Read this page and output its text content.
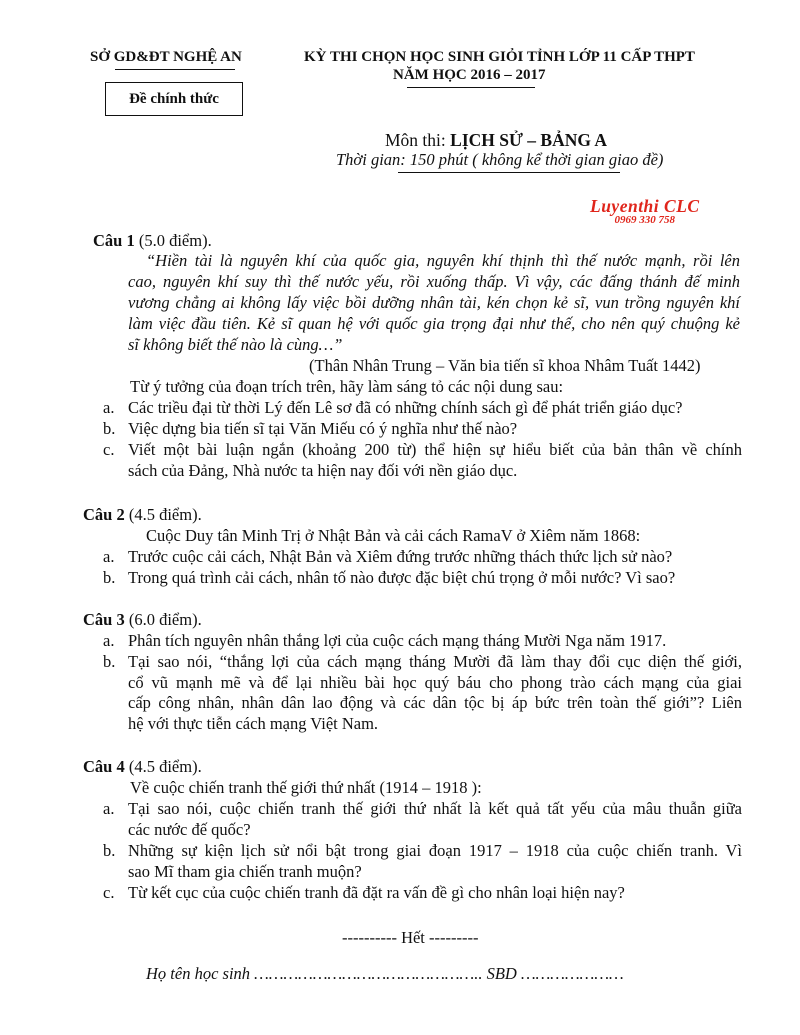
SỞ GD&ĐT NGHỆ AN	KỲ THI CHỌN HỌC SINH GIỎI TỈNH LỚP 11 CẤP THPT
NĂM HỌC 2016 – 2017
Đề chính thức
Môn thi: LỊCH SỬ – BẢNG A
Thời gian: 150 phút ( không kể thời gian giao đề)
Luyenthi CLC
0969 330 758
Câu 1 (5.0 điểm).
“Hiền tài là nguyên khí của quốc gia, nguyên khí thịnh thì thế nước mạnh, rồi lên
cao, nguyên khí suy thì thế nước yếu, rồi xuống thấp. Vì vậy, các đấng thánh đế minh
vương chẳng ai không lấy việc bồi dưỡng nhân tài, kén chọn kẻ sĩ, vun trồng nguyên khí
làm việc đầu tiên. Kẻ sĩ quan hệ với quốc gia trọng đại như thế, cho nên quý chuộng kẻ
sĩ không biết thế nào là cùng…”
(Thân Nhân Trung – Văn bia tiến sĩ khoa Nhâm Tuất 1442)
Từ ý tưởng của đoạn trích trên, hãy làm sáng tỏ các nội dung sau:
a. Các triều đại từ thời Lý đến Lê sơ đã có những chính sách gì để phát triển giáo dục?
b. Việc dựng bia tiến sĩ tại Văn Miếu có ý nghĩa như thế nào?
c. Viết một bài luận ngắn (khoảng 200 từ) thể hiện sự hiểu biết của bản thân về chính
sách của Đảng, Nhà nước ta hiện nay đối với nền giáo dục.
Câu 2 (4.5 điểm).
Cuộc Duy tân Minh Trị ở Nhật Bản và cải cách RamaV ở Xiêm năm 1868:
a. Trước cuộc cải cách, Nhật Bản và Xiêm đứng trước những thách thức lịch sử nào?
b. Trong quá trình cải cách, nhân tố nào được đặc biệt chú trọng ở mỗi nước? Vì sao?
Câu 3 (6.0 điểm).
a. Phân tích nguyên nhân thắng lợi của cuộc cách mạng tháng Mười Nga năm 1917.
b. Tại sao nói, “thắng lợi của cách mạng tháng Mười đã làm thay đổi cục diện thế giới,
cổ vũ mạnh mẽ và để lại nhiều bài học quý báu cho phong trào cách mạng của giai
cấp công nhân, nhân dân lao động và các dân tộc bị áp bức trên toàn thế giới”? Liên
hệ với thực tiễn cách mạng Việt Nam.
Câu 4 (4.5 điểm).
Về cuộc chiến tranh thế giới thứ nhất (1914 – 1918 ):
a. Tại sao nói, cuộc chiến tranh thế giới thứ nhất là kết quả tất yếu của mâu thuẫn giữa
các nước đế quốc?
b. Những sự kiện lịch sử nổi bật trong giai đoạn 1917 – 1918 của cuộc chiến tranh. Vì
sao Mĩ tham gia chiến tranh muộn?
c. Từ kết cục của cuộc chiến tranh đã đặt ra vấn đề gì cho nhân loại hiện nay?
---------- Hết ---------
Họ tên học sinh ……………………………………….. SBD …………………
